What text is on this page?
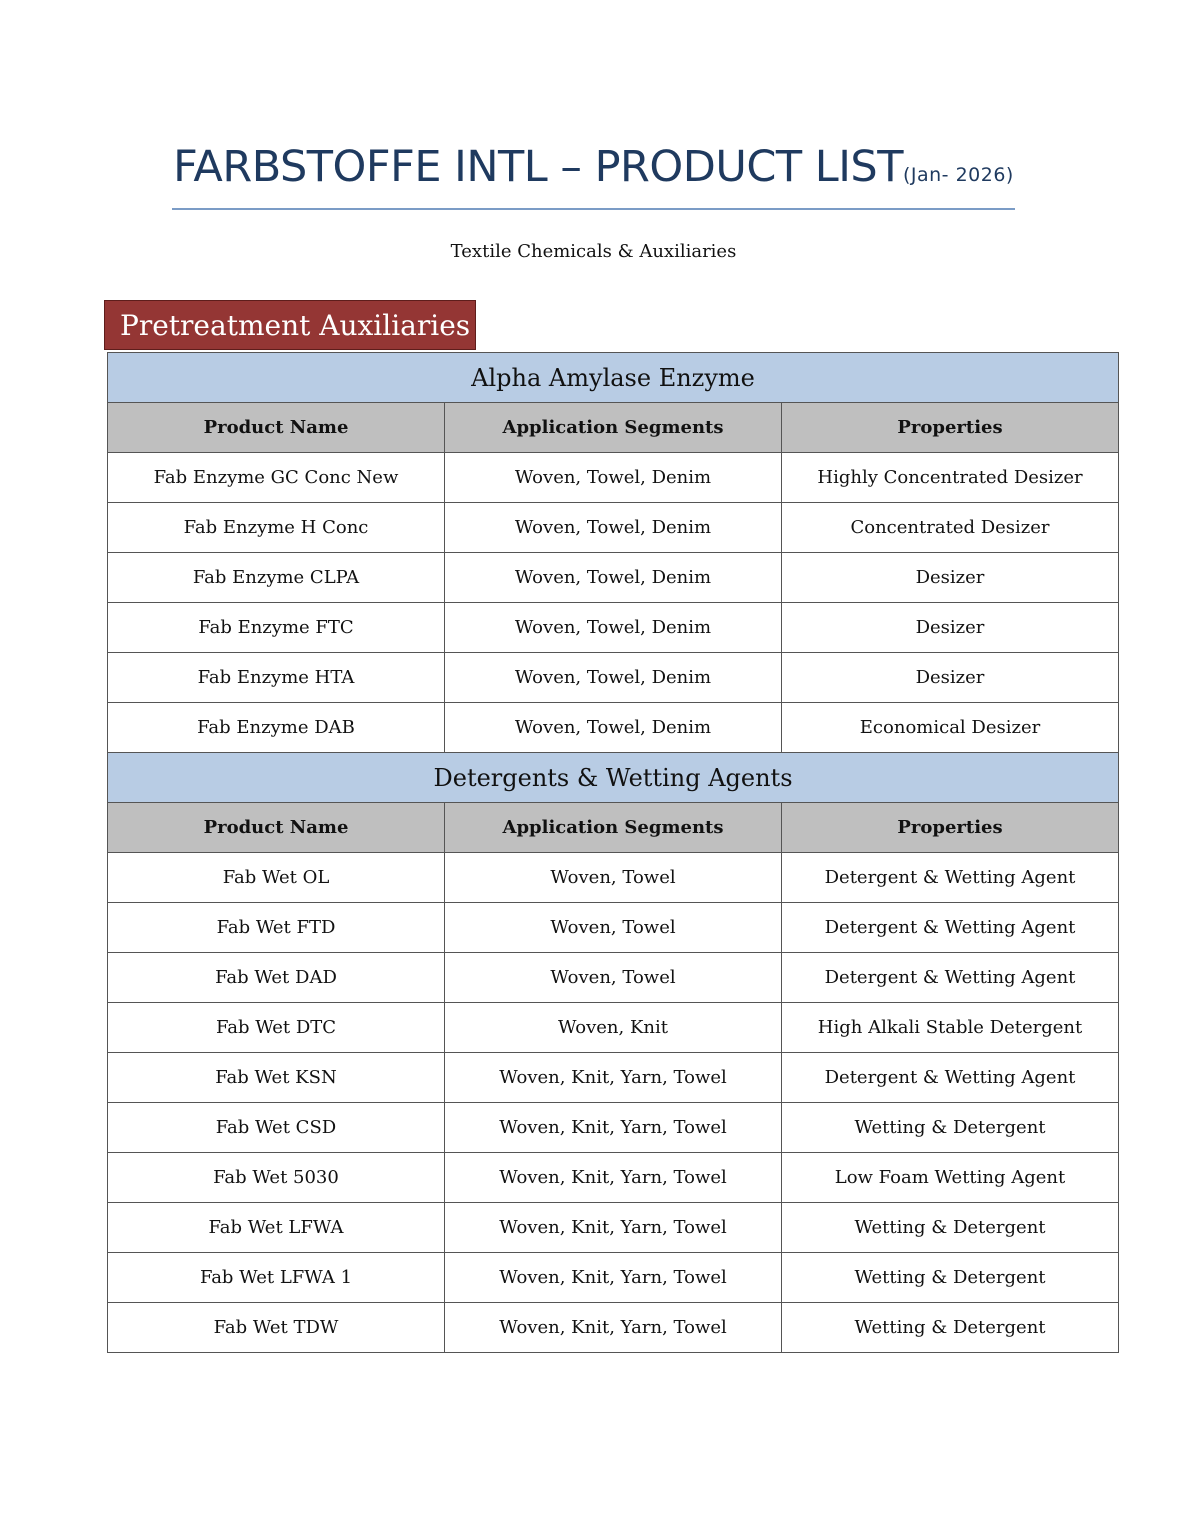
FARBSTOFFE INTL – PRODUCT LIST(Jan- 2026)
Textile Chemicals & Auxiliaries
Pretreatment Auxiliaries
Alpha Amylase Enzyme		
Product Name	Application Segments	Properties
Fab Enzyme GC Conc New	Woven, Towel, Denim	Highly Concentrated Desizer
Fab Enzyme H Conc	Woven, Towel, Denim	Concentrated Desizer
Fab Enzyme CLPA	Woven, Towel, Denim	Desizer
Fab Enzyme FTC	Woven, Towel, Denim	Desizer
Fab Enzyme HTA	Woven, Towel, Denim	Desizer
Fab Enzyme DAB	Woven, Towel, Denim	Economical Desizer
Detergents & Wetting Agents		
Product Name	Application Segments	Properties
Fab Wet OL	Woven, Towel	Detergent & Wetting Agent
Fab Wet FTD	Woven, Towel	Detergent & Wetting Agent
Fab Wet DAD	Woven, Towel	Detergent & Wetting Agent
Fab Wet DTC	Woven, Knit	High Alkali Stable Detergent
Fab Wet KSN	Woven, Knit, Yarn, Towel	Detergent & Wetting Agent
Fab Wet CSD	Woven, Knit, Yarn, Towel	Wetting & Detergent
Fab Wet 5030	Woven, Knit, Yarn, Towel	Low Foam Wetting Agent
Fab Wet LFWA	Woven, Knit, Yarn, Towel	Wetting & Detergent
Fab Wet LFWA 1	Woven, Knit, Yarn, Towel	Wetting & Detergent
Fab Wet TDW	Woven, Knit, Yarn, Towel	Wetting & Detergent
